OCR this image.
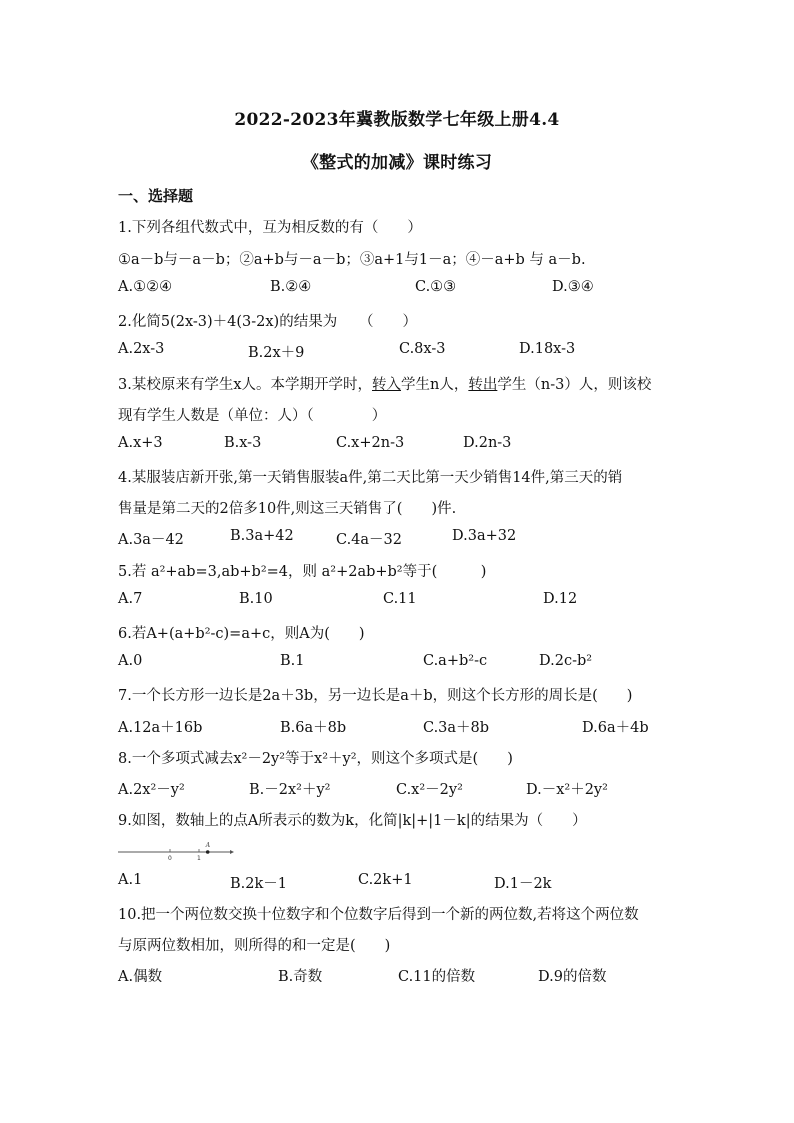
2022-2023年冀教版数学七年级上册4.4
《整式的加减》课时练习
一、选择题
1.下列各组代数式中，互为相反数的有（　　）
①a－b与－a－b；②a+b与－a－b；③a+1与1－a；④－a+b 与 a－b.
A.①②④	B.②④	C.①③	D.③④
2.化简5(2x-3)＋4(3-2x)的结果为　　（　　）
A.2x-3	B.2x＋9	C.8x-3	D.18x-3
3.某校原来有学生x人。本学期开学时，转入学生n人，转出学生（n-3）人，则该校
现有学生人数是（单位：人）（　　　　）
A.x+3	B.x-3	C.x+2n-3	D.2n-3
4.某服装店新开张,第一天销售服装a件,第二天比第一天少销售14件,第三天的销
售量是第二天的2倍多10件,则这三天销售了(　　)件.
A.3a－42	B.3a+42	C.4a－32	D.3a+32
5.若 a²+ab=3,ab+b²=4，则 a²+2ab+b²等于(　　　)
A.7	B.10	C.11	D.12
6.若A+(a+b²-c)=a+c，则A为(　　)
A.0	B.1	C.a+b²-c	D.2c-b²
7.一个长方形一边长是2a＋3b，另一边长是a＋b，则这个长方形的周长是(　　)
A.12a＋16b	B.6a＋8b	C.3a＋8b	D.6a＋4b
8.一个多项式减去x²－2y²等于x²＋y²，则这个多项式是(　　)
A.2x²－y²	B.－2x²＋y²	C.x²－2y²	D.－x²＋2y²
9.如图，数轴上的点A所表示的数为k，化简|k|+|1－k|的结果为（　　）
0	1
A
A.1	B.2k－1	C.2k+1	D.1－2k
10.把一个两位数交换十位数字和个位数字后得到一个新的两位数,若将这个两位数
与原两位数相加，则所得的和一定是(　　)
A.偶数	B.奇数	C.11的倍数	D.9的倍数
